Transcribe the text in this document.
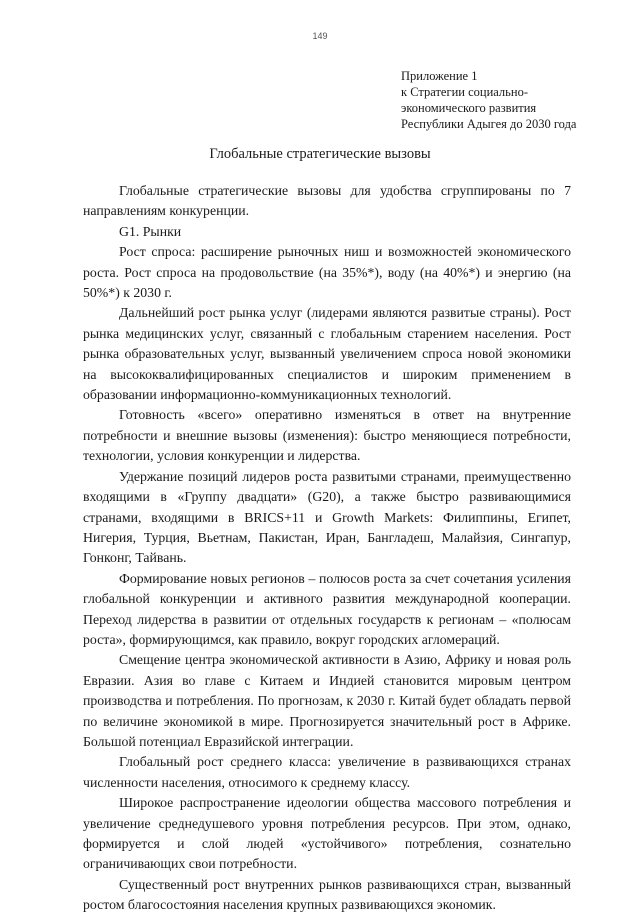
149
Приложение 1
к Стратегии социально-
экономического развития
Республики Адыгея до 2030 года
Глобальные стратегические вызовы

Глобальные стратегические вызовы для удобства сгруппированы по 7 направлениям конкуренции.

G1. Рынки

Рост спроса: расширение рыночных ниш и возможностей экономического роста. Рост спроса на продовольствие (на 35%*), воду (на 40%*) и энергию (на 50%*) к 2030 г.

Дальнейший рост рынка услуг (лидерами являются развитые страны). Рост рынка медицинских услуг, связанный с глобальным старением населения. Рост рынка образовательных услуг, вызванный увеличением спроса новой экономики на высококвалифицированных специалистов и широким применением в образовании информационно-коммуникационных технологий.

Готовность «всего» оперативно изменяться в ответ на внутренние потребности и внешние вызовы (изменения): быстро меняющиеся потребности, технологии, условия конкуренции и лидерства.

Удержание позиций лидеров роста развитыми странами, преимущественно входящими в «Группу двадцати» (G20), а также быстро развивающимися странами, входящими в BRICS+11 и Growth Markets: Филиппины, Египет, Нигерия, Турция, Вьетнам, Пакистан, Иран, Бангладеш, Малайзия, Сингапур, Гонконг, Тайвань.

Формирование новых регионов – полюсов роста за счет сочетания усиления глобальной конкуренции и активного развития международной кооперации. Переход лидерства в развитии от отдельных государств к регионам – «полюсам роста», формирующимся, как правило, вокруг городских агломераций.

Смещение центра экономической активности в Азию, Африку и новая роль Евразии. Азия во главе с Китаем и Индией становится мировым центром производства и потребления. По прогнозам, к 2030 г. Китай будет обладать первой по величине экономикой в мире. Прогнозируется значительный рост в Африке. Большой потенциал Евразийской интеграции.

Глобальный рост среднего класса: увеличение в развивающихся странах численности населения, относимого к среднему классу.

Широкое распространение идеологии общества массового потребления и увеличение среднедушевого уровня потребления ресурсов. При этом, однако, формируется и слой людей «устойчивого» потребления, сознательно ограничивающих свои потребности.

Существенный рост внутренних рынков развивающихся стран, вызванный ростом благосостояния населения крупных развивающихся экономик.
